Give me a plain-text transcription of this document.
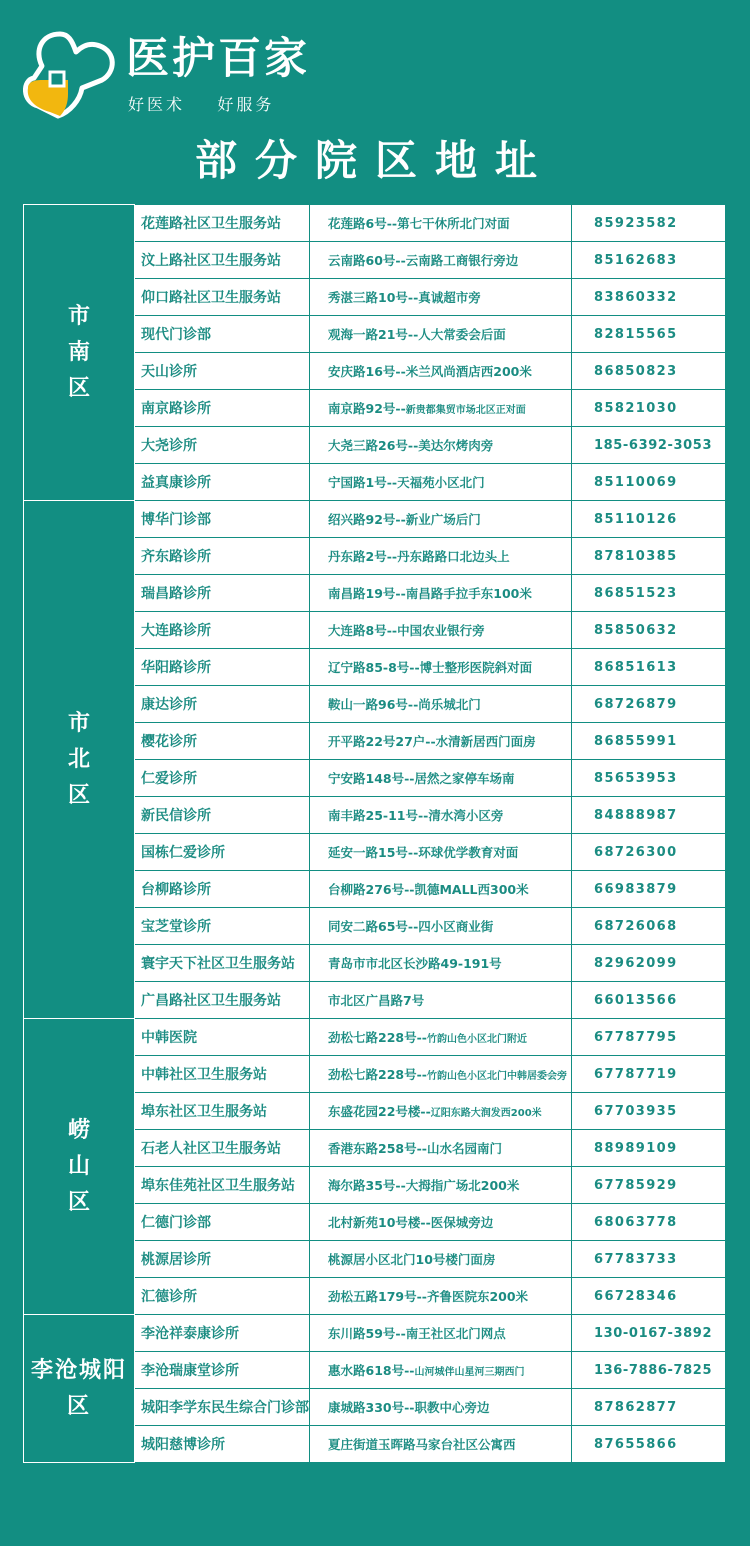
医护百家
好医术    好服务
部分院区地址
市南区	花莲路社区卫生服务站	花莲路6号--第七干休所北门对面	85923582
	汶上路社区卫生服务站	云南路60号--云南路工商银行旁边	85162683
	仰口路社区卫生服务站	秀湛三路10号--真诚超市旁	83860332
	现代门诊部	观海一路21号--人大常委会后面	82815565
	天山诊所	安庆路16号--米兰风尚酒店西200米	86850823
	南京路诊所	南京路92号--新贵都集贸市场北区正对面	85821030
	大尧诊所	大尧三路26号--美达尔烤肉旁	185-6392-3053
	益真康诊所	宁国路1号--天福苑小区北门	85110069
市北区	博华门诊部	绍兴路92号--新业广场后门	85110126
	齐东路诊所	丹东路2号--丹东路路口北边头上	87810385
	瑞昌路诊所	南昌路19号--南昌路手拉手东100米	86851523
	大连路诊所	大连路8号--中国农业银行旁	85850632
	华阳路诊所	辽宁路85-8号--博士整形医院斜对面	86851613
	康达诊所	鞍山一路96号--尚乐城北门	68726879
	樱花诊所	开平路22号27户--水清新居西门面房	86855991
	仁爱诊所	宁安路148号--居然之家停车场南	85653953
	新民信诊所	南丰路25-11号--清水湾小区旁	84888987
	国栋仁爱诊所	延安一路15号--环球优学教育对面	68726300
	台柳路诊所	台柳路276号--凯德MALL西300米	66983879
	宝芝堂诊所	同安二路65号--四小区商业街	68726068
	寰宇天下社区卫生服务站	青岛市市北区长沙路49-191号	82962099
	广昌路社区卫生服务站	市北区广昌路7号	66013566
崂山区	中韩医院	劲松七路228号--竹韵山色小区北门附近	67787795
	中韩社区卫生服务站	劲松七路228号--竹韵山色小区北门中韩居委会旁	67787719
	埠东社区卫生服务站	东盛花园22号楼--辽阳东路大润发西200米	67703935
	石老人社区卫生服务站	香港东路258号--山水名园南门	88989109
	埠东佳苑社区卫生服务站	海尔路35号--大拇指广场北200米	67785929
	仁德门诊部	北村新苑10号楼--医保城旁边	68063778
	桃源居诊所	桃源居小区北门10号楼门面房	67783733
	汇德诊所	劲松五路179号--齐鲁医院东200米	66728346
李沧城阳区	李沧祥泰康诊所	东川路59号--南王社区北门网点	130-0167-3892
	李沧瑞康堂诊所	惠水路618号--山河城伴山星河三期西门	136-7886-7825
	城阳李学东民生综合门诊部	康城路330号--职教中心旁边	87862877
	城阳慈博诊所	夏庄街道玉晖路马家台社区公寓西	87655866
